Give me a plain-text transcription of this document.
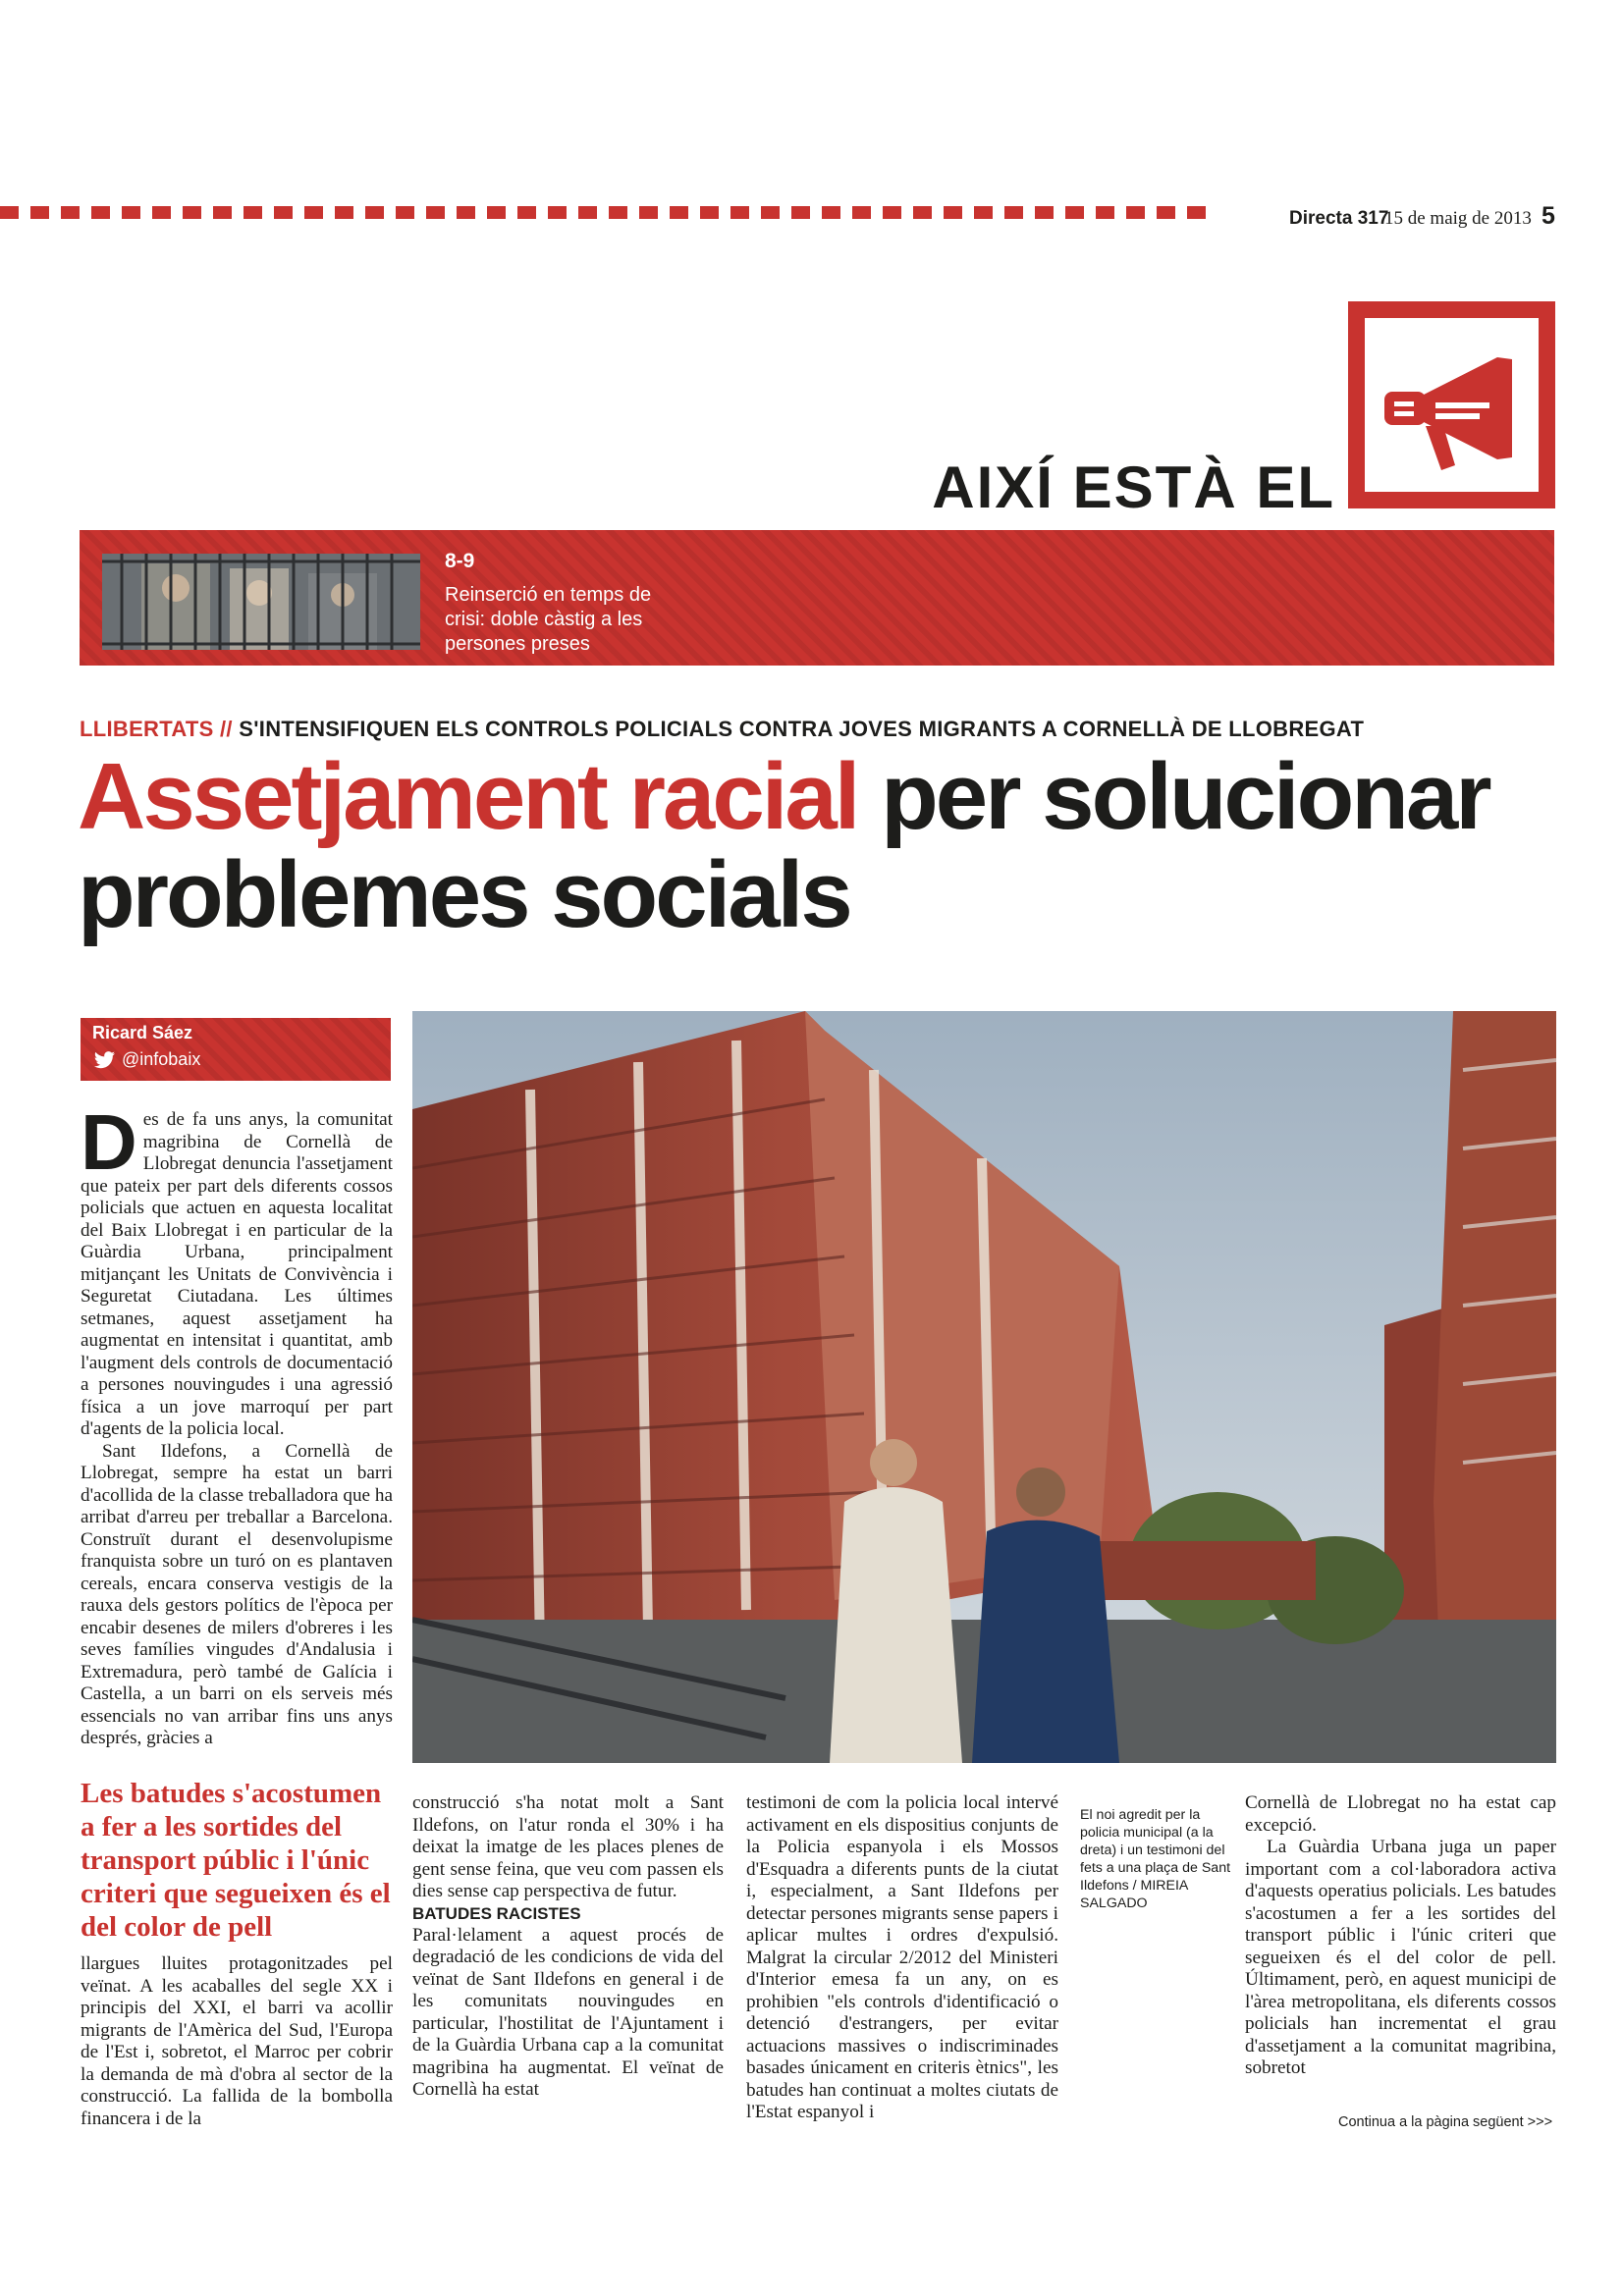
Directa 317
15 de maig de 2013 5
AIXÍ ESTÀ EL
8-9
Reinserció en temps de crisi: doble càstig a les persones preses
LLIBERTATS // S'INTENSIFIQUEN ELS CONTROLS POLICIALS CONTRA JOVES MIGRANTS A CORNELLÀ DE LLOBREGAT
Assetjament racial per solucionar problemes socials
Ricard Sáez
@infobaix
D es de fa uns anys, la comunitat magribina de Cornellà de Llobregat denuncia l'assetjament que pateix per part dels diferents cossos policials que actuen en aquesta localitat del Baix Llobregat i en particular de la Guàrdia Urbana, principalment mitjançant les Unitats de Convivència i Seguretat Ciutadana. Les últimes setmanes, aquest assetjament ha augmentat en intensitat i quantitat, amb l'augment dels controls de documentació a persones nouvingudes i una agressió física a un jove marroquí per part d'agents de la policia local.

Sant Ildefons, a Cornellà de Llobregat, sempre ha estat un barri d'acollida de la classe treballadora que ha arribat d'arreu per treballar a Barcelona. Construït durant el desenvolupisme franquista sobre un turó on es plantaven cereals, encara conserva vestigis de la rauxa dels gestors polítics de l'època per encabir desenes de milers d'obreres i les seves famílies vingudes d'Andalusia i Extremadura, però també de Galícia i Castella, a un barri on els serveis més essencials no van arribar fins uns anys després, gràcies a

Les batudes s'acostumen a fer a les sortides del transport públic i l'únic criteri que segueixen és el del color de pell

llargues lluites protagonitzades pel veïnat. A les acaballes del segle XX i principis del XXI, el barri va acollir migrants de l'Amèrica del Sud, l'Europa de l'Est i, sobretot, el Marroc per cobrir la demanda de mà d'obra al sector de la construcció. La fallida de la bombolla financera i de la

construcció s'ha notat molt a Sant Ildefons, on l'atur ronda el 30% i ha deixat la imatge de les places plenes de gent sense feina, que veu com passen els dies sense cap perspectiva de futur.

BATUDES RACISTES

Paral·lelament a aquest procés de degradació de les condicions de vida del veïnat de Sant Ildefons en general i de les comunitats nouvingudes en particular, l'hostilitat de l'Ajuntament i de la Guàrdia Urbana cap a la comunitat magribina ha augmentat. El veïnat de Cornellà ha estat

testimoni de com la policia local intervé activament en els dispositius conjunts de la Policia espanyola i els Mossos d'Esquadra a diferents punts de la ciutat i, especialment, a Sant Ildefons per detectar persones migrants sense papers i aplicar multes i ordres d'expulsió. Malgrat la circular 2/2012 del Ministeri d'Interior emesa fa un any, on es prohibien "els controls d'identificació o detenció d'estrangers, per evitar actuacions massives o indiscriminades basades únicament en criteris ètnics", les batudes han continuat a moltes ciutats de l'Estat espanyol i

El noi agredit per la policia municipal (a la dreta) i un testimoni del fets a una plaça de Sant Ildefons / MIREIA SALGADO

Cornellà de Llobregat no ha estat cap excepció.

La Guàrdia Urbana juga un paper important com a col·laboradora activa d'aquests operatius policials. Les batudes s'acostumen a fer a les sortides del transport públic i l'únic criteri que segueixen és el del color de pell. Últimament, però, en aquest municipi de l'àrea metropolitana, els diferents cossos policials han incrementat el grau d'assetjament a la comunitat magribina, sobretot

Continua a la pàgina següent >>>
